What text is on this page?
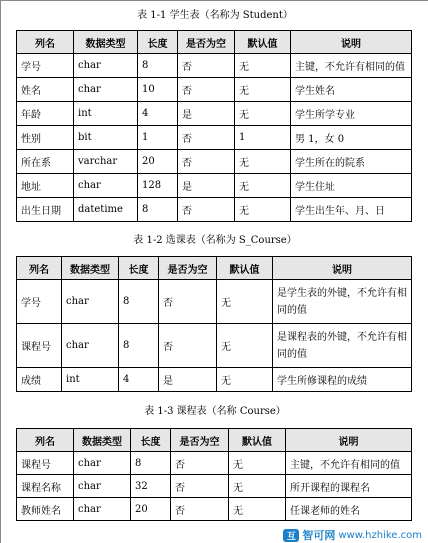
表 1-1 学生表（名称为 Student）
列名	数据类型	长度	是否为空	默认值	说明
学号	char	8	否	无	主键，不允许有相同的值
姓名	char	10	否	无	学生姓名
年龄	int	4	是	无	学生所学专业
性别	bit	1	否	1	男 1，女 0
所在系	varchar	20	否	无	学生所在的院系
地址	char	128	是	无	学生住址
出生日期	datetime	8	否	无	学生出生年、月、日
表 1-2 选课表（名称为 S_Course）
列名	数据类型	长度	是否为空	默认值	说明
学号	char	8	否	无	是学生表的外键，不允许有相同的值
课程号	char	8	否	无	是课程表的外键，不允许有相同的值
成绩	int	4	是	无	学生所修课程的成绩
表 1-3 课程表（名称 Course）
列名	数据类型	长度	是否为空	默认值	说明
课程号	char	8	否	无	主键，不允许有相同的值
课程名称	char	32	否	无	所开课程的课程名
教师姓名	char	20	否	无	任课老师的姓名
互 智可网 www.hzhike.com
